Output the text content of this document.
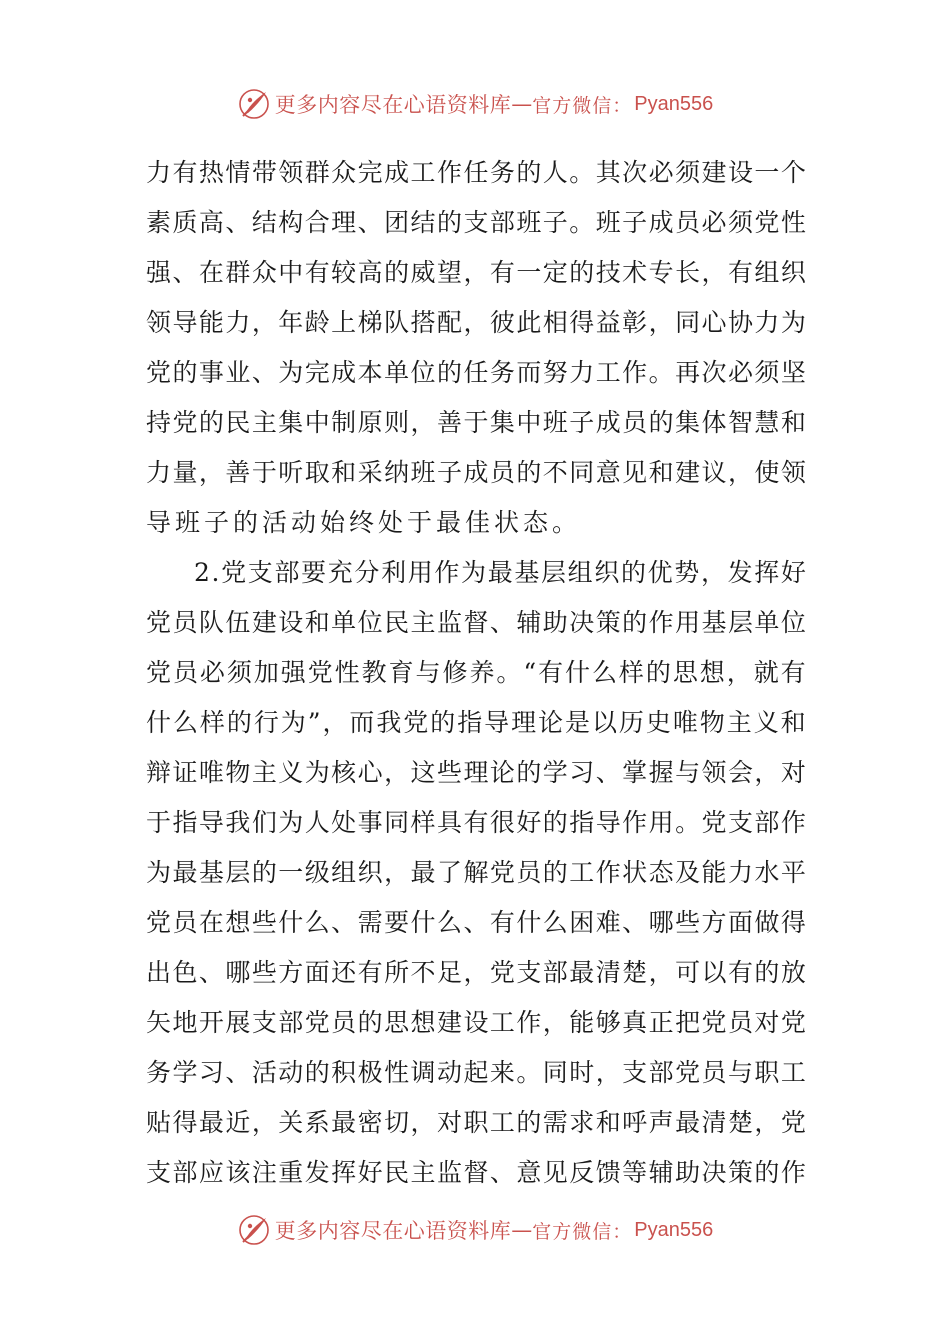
更多内容尽在心语资料库 — 官方微信： Pyan556
力 有 热 情 带 领 群 众 完 成 工 作 任 务 的 人 。 其 次 必 须 建 设 一 个
素 质 高 、 结 构 合 理 、 团 结 的 支 部 班 子 。 班 子 成 员 必 须 党 性
强 、 在 群 众 中 有 较 高 的 威 望 ， 有 一 定 的 技 术 专 长 ， 有 组 织
领 导 能 力 ， 年 龄 上 梯 队 搭 配 ， 彼 此 相 得 益 彰 ， 同 心 协 力 为
党 的 事 业 、 为 完 成 本 单 位 的 任 务 而 努 力 工 作 。 再 次 必 须 坚
持 党 的 民 主 集 中 制 原 则 ， 善 于 集 中 班 子 成 员 的 集 体 智 慧 和
力 量 ， 善 于 听 取 和 采 纳 班 子 成 员 的 不 同 意 见 和 建 议 ， 使 领
导班子的活动始终处于最佳状态。
2 . 党 支 部 要 充 分 利 用 作 为 最 基 层 组 织 的 优 势 ， 发 挥 好
党 员 队 伍 建 设 和 单 位 民 主 监 督 、 辅 助 决 策 的 作 用 基 层 单 位
党 员 必 须 加 强 党 性 教 育 与 修 养 。 “ 有 什 么 样 的 思 想 ， 就 有
什 么 样 的 行 为 ” ， 而 我 党 的 指 导 理 论 是 以 历 史 唯 物 主 义 和
辩 证 唯 物 主 义 为 核 心 ， 这 些 理 论 的 学 习 、 掌 握 与 领 会 ， 对
于 指 导 我 们 为 人 处 事 同 样 具 有 很 好 的 指 导 作 用 。 党 支 部 作
为 最 基 层 的 一 级 组 织 ， 最 了 解 党 员 的 工 作 状 态 及 能 力 水 平
党 员 在 想 些 什 么 、 需 要 什 么 、 有 什 么 困 难 、 哪 些 方 面 做 得
出 色 、 哪 些 方 面 还 有 所 不 足 ， 党 支 部 最 清 楚 ， 可 以 有 的 放
矢 地 开 展 支 部 党 员 的 思 想 建 设 工 作 ， 能 够 真 正 把 党 员 对 党
务 学 习 、 活 动 的 积 极 性 调 动 起 来 。 同 时 ， 支 部 党 员 与 职 工
贴 得 最 近 ， 关 系 最 密 切 ， 对 职 工 的 需 求 和 呼 声 最 清 楚 ， 党
支 部 应 该 注 重 发 挥 好 民 主 监 督 、 意 见 反 馈 等 辅 助 决 策 的 作
更多内容尽在心语资料库 — 官方微信： Pyan556
